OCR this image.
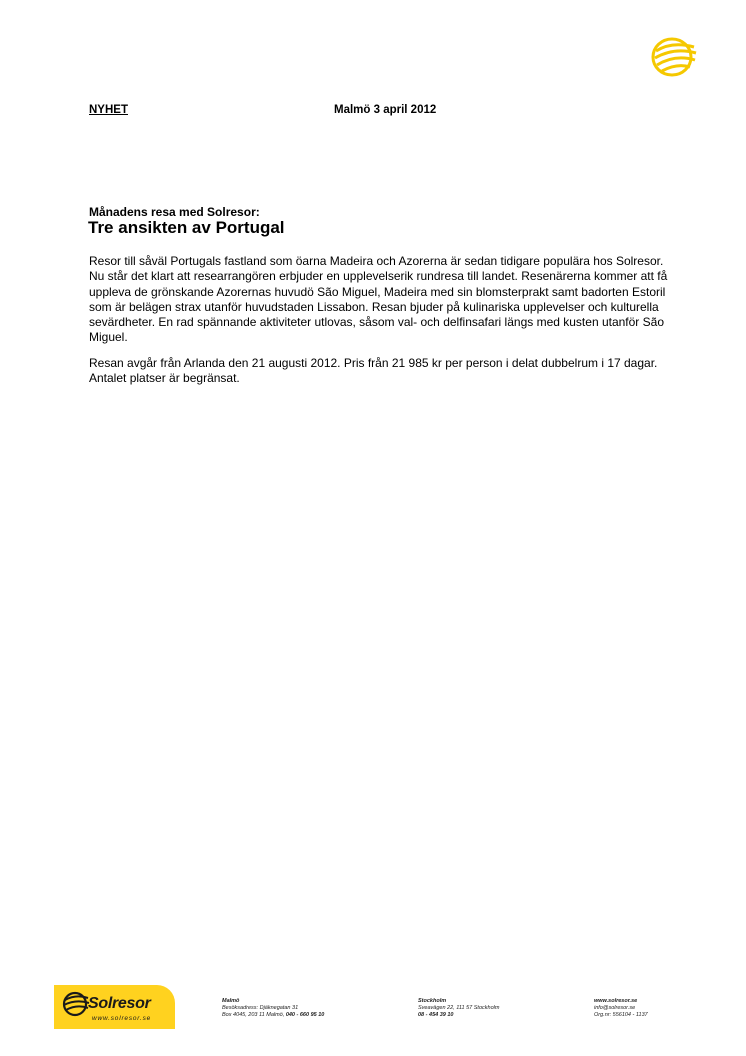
NYHET	Malmö 3 april 2012
Månadens resa med Solresor:
Tre ansikten av Portugal

Resor till såväl Portugals fastland som öarna Madeira och Azorerna är sedan tidigare populära hos Solresor. Nu står det klart att researrangören erbjuder en upplevelserik rundresa till landet. Resenärerna kommer att få uppleva de grönskande Azorernas huvudö São Miguel, Madeira med sin blomsterprakt samt badorten Estoril som är belägen strax utanför huvudstaden Lissabon. Resan bjuder på kulinariska upplevelser och kulturella sevärdheter. En rad spännande aktiviteter utlovas, såsom val- och delfinsafari längs med kusten utanför São Miguel.

Resan avgår från Arlanda den 21 augusti 2012. Pris från 21 985 kr per person i delat dubbelrum i 17 dagar. Antalet platser är begränsat.

Solresor
www.solresor.se
Malmö
Besöksadress: Djäknegatan 31
Box 4045, 203 11 Malmö, 040 - 660 95 10
Stockholm
Sveavägen 22, 111 57 Stockholm
08 - 454 39 10
www.solresor.se
info@solresor.se
Org.nr: 556104 - 1137
